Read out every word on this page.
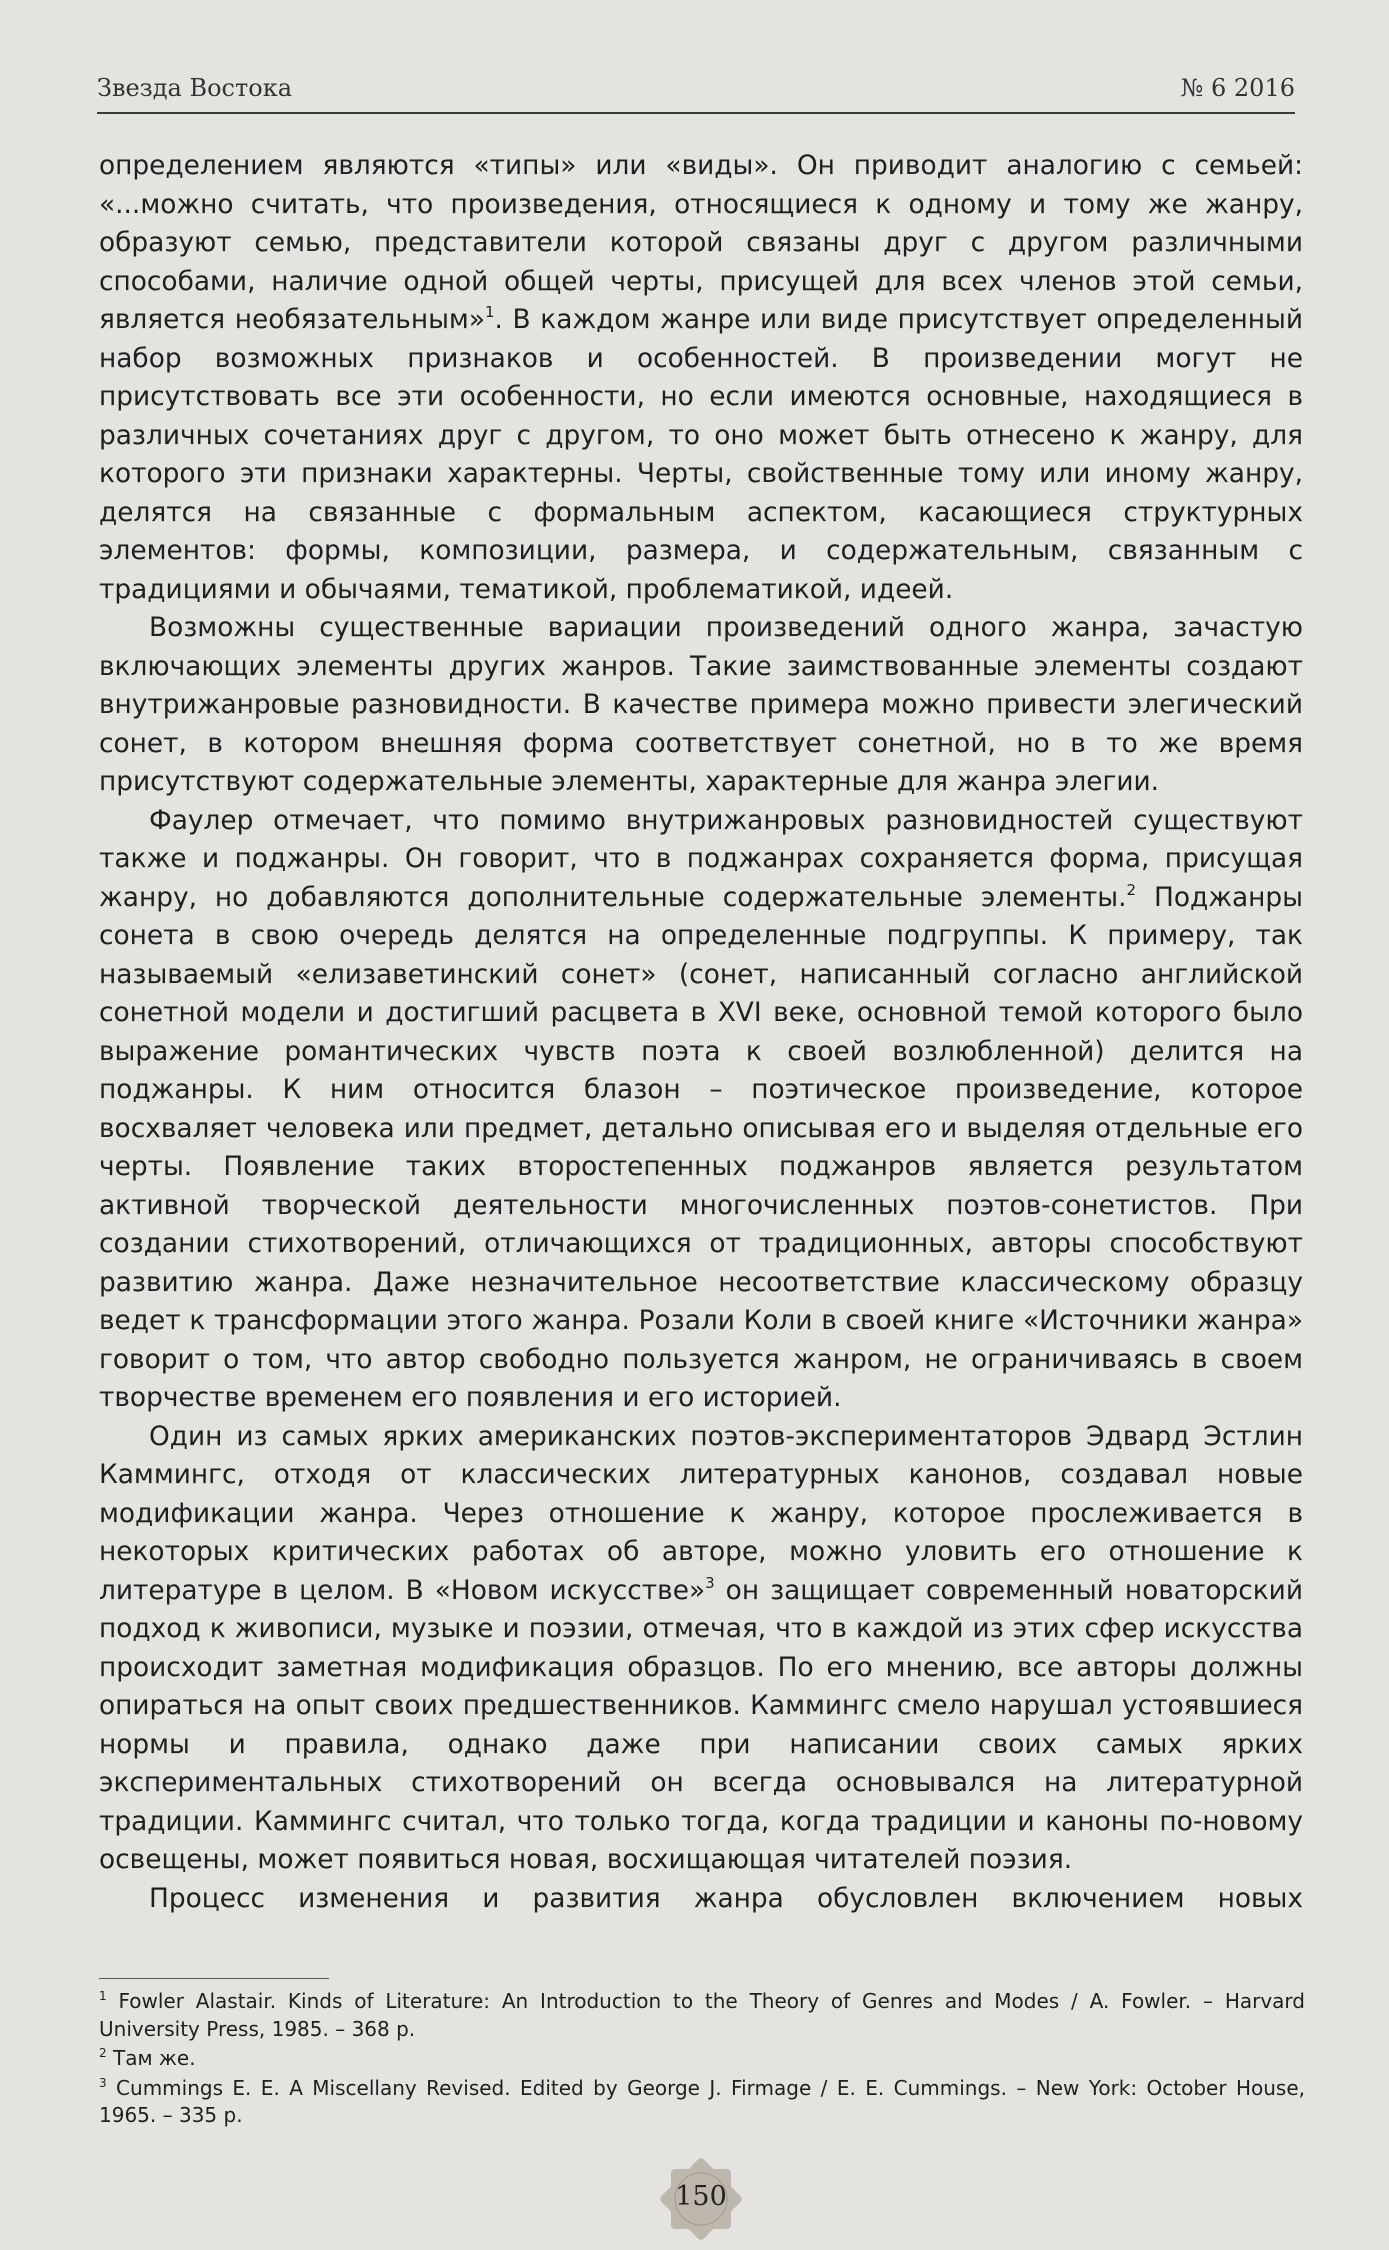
Звезда Востока	№ 6 2016

определением являются «типы» или «виды». Он приводит аналогию с семьей: «...можно считать, что произведения, относящиеся к одному и тому же жанру, образуют семью, представители которой связаны друг с другом различными способами, наличие одной общей черты, присущей для всех членов этой семьи, является необязательным»$^1$. В каждом жанре или виде присутствует определенный набор возможных признаков и особенностей. В произведении могут не присутствовать все эти особенности, но если имеются основные, находящиеся в различных сочетаниях друг с другом, то оно может быть отнесено к жанру, для которого эти признаки характерны. Черты, свойственные тому или иному жанру, делятся на связанные с формальным аспектом, касающиеся структурных элементов: формы, композиции, размера, и содержательным, связанным с традициями и обычаями, тематикой, проблематикой, идеей.

Возможны существенные вариации произведений одного жанра, зачастую включающих элементы других жанров. Такие заимствованные элементы создают внутрижанровые разновидности. В качестве примера можно привести элегический сонет, в котором внешняя форма соответствует сонетной, но в то же время присутствуют содержательные элементы, характерные для жанра элегии.

Фаулер отмечает, что помимо внутрижанровых разновидностей существуют также и поджанры. Он говорит, что в поджанрах сохраняется форма, присущая жанру, но добавляются дополнительные содержательные элементы.$^2$ Поджанры сонета в свою очередь делятся на определенные подгруппы. К примеру, так называемый «елизаветинский сонет» (сонет, написанный согласно английской сонетной модели и достигший расцвета в XVI веке, основной темой которого было выражение романтических чувств поэта к своей возлюбленной) делится на поджанры. К ним относится блазон – поэтическое произведение, которое восхваляет человека или предмет, детально описывая его и выделяя отдельные его черты. Появление таких второстепенных поджанров является результатом активной творческой деятельности многочисленных поэтов-сонетистов. При создании стихотворений, отличающихся от традиционных, авторы способствуют развитию жанра. Даже незначительное несоответствие классическому образцу ведет к трансформации этого жанра. Розали Коли в своей книге «Источники жанра» говорит о том, что автор свободно пользуется жанром, не ограничиваясь в своем творчестве временем его появления и его историей.

Один из самых ярких американских поэтов-экспериментаторов Эдвард Эстлин Каммингс, отходя от классических литературных канонов, создавал новые модификации жанра. Через отношение к жанру, которое прослеживается в некоторых критических работах об авторе, можно уловить его отношение к литературе в целом. В «Новом искусстве»$^3$ он защищает современный новаторский подход к живописи, музыке и поэзии, отмечая, что в каждой из этих сфер искусства происходит заметная модификация образцов. По его мнению, все авторы должны опираться на опыт своих предшественников. Каммингс смело нарушал устоявшиеся нормы и правила, однако даже при написании своих самых ярких экспериментальных стихотворений он всегда основывался на литературной традиции. Каммингс считал, что только тогда, когда традиции и каноны по-новому освещены, может появиться новая, восхищающая читателей поэзия.

Процесс изменения и развития жанра обусловлен включением новых

$^1$ Fowler Alastair. Kinds of Literature: An Introduction to the Theory of Genres and Modes / A. Fowler. – Harvard University Press, 1985. – 368 p.

$^2$ Там же.

$^3$ Cummings E. E. A Miscellany Revised. Edited by George J. Firmage / E. E. Cummings. – New York: October House, 1965. – 335 p.

150
